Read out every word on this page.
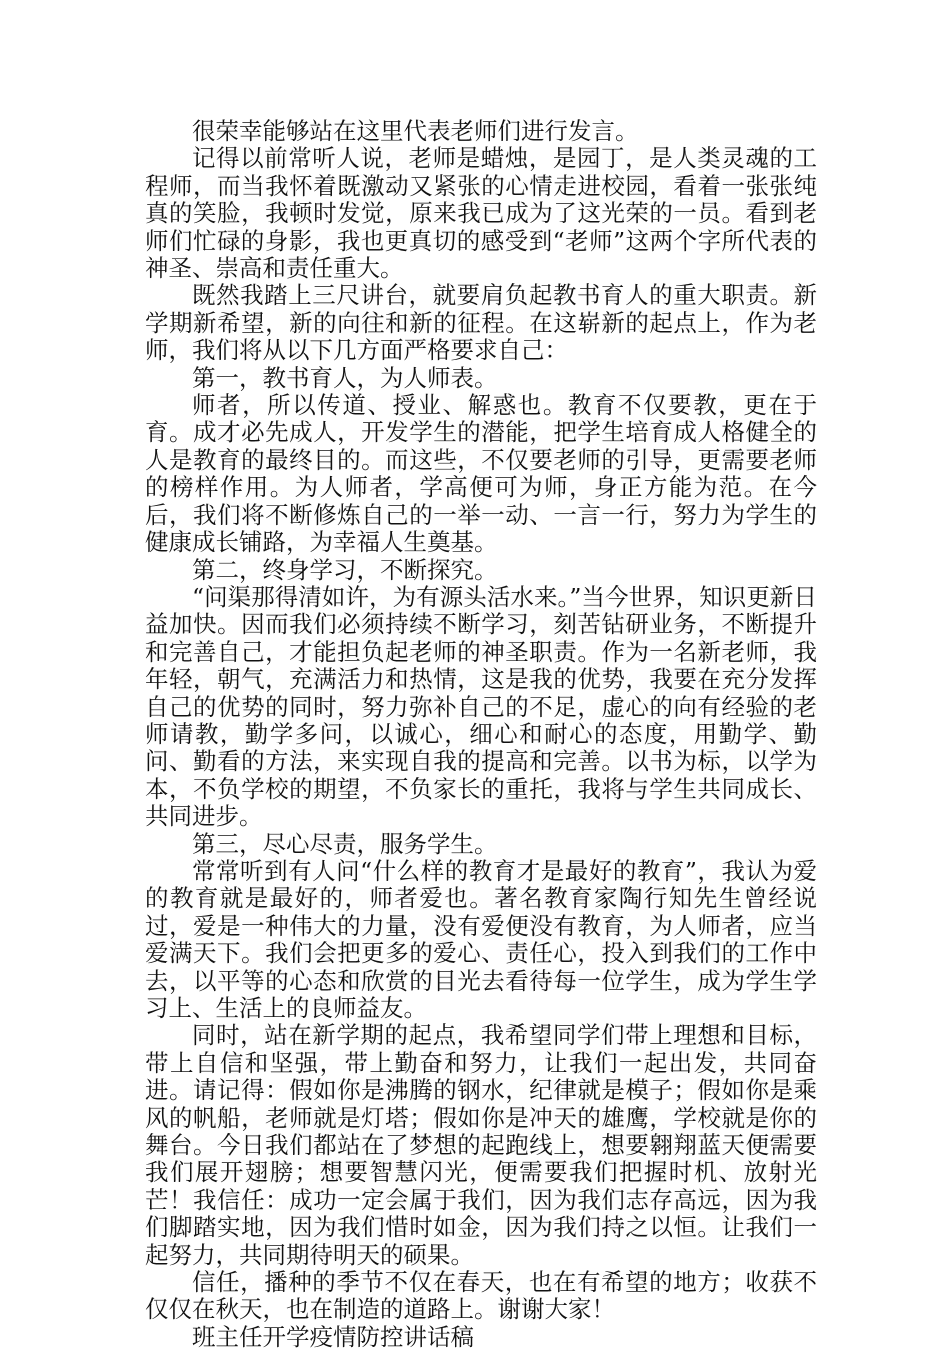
很荣幸能够站在这里代表老师们进行发言。

记得以前常听人说，老师是蜡烛，是园丁，是人类灵魂的工程师，而当我怀着既激动又紧张的心情走进校园，看着一张张纯真的笑脸，我顿时发觉，原来我已成为了这光荣的一员。看到老师们忙碌的身影，我也更真切的感受到“老师”这两个字所代表的神圣、崇高和责任重大。

既然我踏上三尺讲台，就要肩负起教书育人的重大职责。新学期新希望，新的向往和新的征程。在这崭新的起点上，作为老师，我们将从以下几方面严格要求自己：

第一，教书育人，为人师表。

师者，所以传道、授业、解惑也。教育不仅要教，更在于育。成才必先成人，开发学生的潜能，把学生培育成人格健全的人是教育的最终目的。而这些，不仅要老师的引导，更需要老师的榜样作用。为人师者，学高便可为师，身正方能为范。在今后，我们将不断修炼自己的一举一动、一言一行，努力为学生的健康成长铺路，为幸福人生奠基。

第二，终身学习，不断探究。

“问渠那得清如许，为有源头活水来。”当今世界，知识更新日益加快。因而我们必须持续不断学习，刻苦钻研业务，不断提升和完善自己，才能担负起老师的神圣职责。作为一名新老师，我年轻，朝气，充满活力和热情，这是我的优势，我要在充分发挥自己的优势的同时，努力弥补自己的不足，虚心的向有经验的老师请教，勤学多问，以诚心，细心和耐心的态度，用勤学、勤问、勤看的方法，来实现自我的提高和完善。以书为标，以学为本，不负学校的期望，不负家长的重托，我将与学生共同成长、共同进步。

第三，尽心尽责，服务学生。

常常听到有人问“什么样的教育才是最好的教育”，我认为爱的教育就是最好的，师者爱也。著名教育家陶行知先生曾经说过，爱是一种伟大的力量，没有爱便没有教育，为人师者，应当爱满天下。我们会把更多的爱心、责任心，投入到我们的工作中去，以平等的心态和欣赏的目光去看待每一位学生，成为学生学习上、生活上的良师益友。

同时，站在新学期的起点，我希望同学们带上理想和目标，带上自信和坚强，带上勤奋和努力，让我们一起出发，共同奋进。请记得：假如你是沸腾的钢水，纪律就是模子；假如你是乘风的帆船，老师就是灯塔；假如你是冲天的雄鹰，学校就是你的舞台。今日我们都站在了梦想的起跑线上，想要翱翔蓝天便需要我们展开翅膀；想要智慧闪光，便需要我们把握时机、放射光芒！我信任：成功一定会属于我们，因为我们志存高远，因为我们脚踏实地，因为我们惜时如金，因为我们持之以恒。让我们一起努力，共同期待明天的硕果。

信任，播种的季节不仅在春天，也在有希望的地方；收获不仅仅在秋天，也在制造的道路上。谢谢大家！

班主任开学疫情防控讲话稿
